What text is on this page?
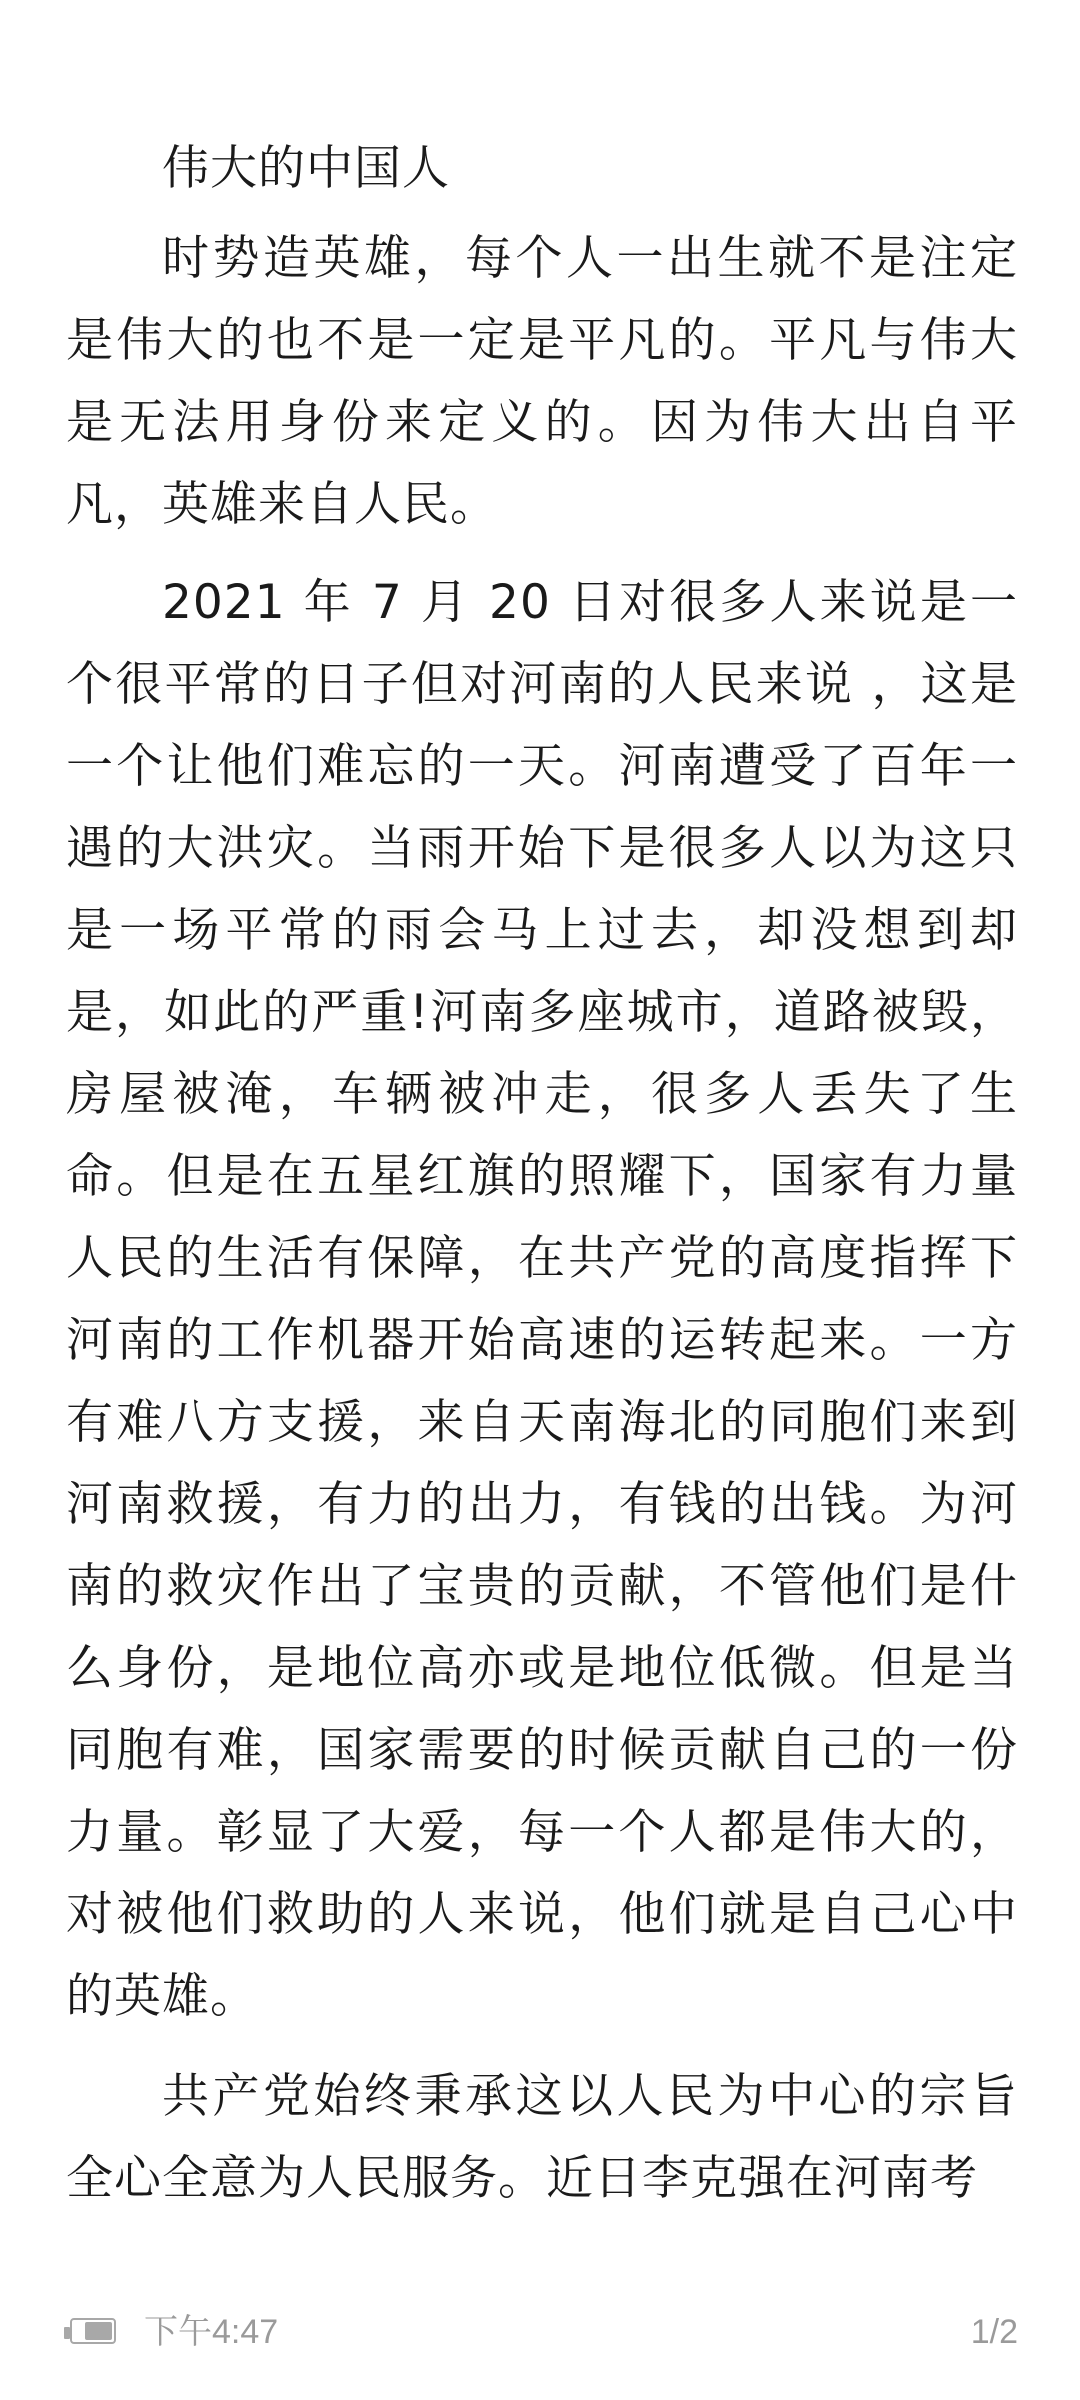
伟大的中国人

时势造英雄，每个人一出生就不是注定是伟大的也不是一定是平凡的。平凡与伟大是无法用身份来定义的。因为伟大出自平凡，英雄来自人民。

2021 年 7 月 20 日对很多人来说是一个很平常的日子但对河南的人民来说 ，这是一个让他们难忘的一天。河南遭受了百年一遇的大洪灾。当雨开始下是很多人以为这只是一场平常的雨会马上过去，却没想到却是，如此的严重!河南多座城市，道路被毁，房屋被淹，车辆被冲走，很多人丢失了生命。但是在五星红旗的照耀下，国家有力量人民的生活有保障，在共产党的高度指挥下河南的工作机器开始高速的运转起来。一方有难八方支援，来自天南海北的同胞们来到河南救援，有力的出力，有钱的出钱。为河南的救灾作出了宝贵的贡献，不管他们是什么身份，是地位高亦或是地位低微。但是当同胞有难，国家需要的时候贡献自己的一份力量。彰显了大爱，每一个人都是伟大的，对被他们救助的人来说，他们就是自己心中的英雄。

共产党始终秉承这以人民为中心的宗旨全心全意为人民服务。近日李克强在河南考

下午4:47	1/2
